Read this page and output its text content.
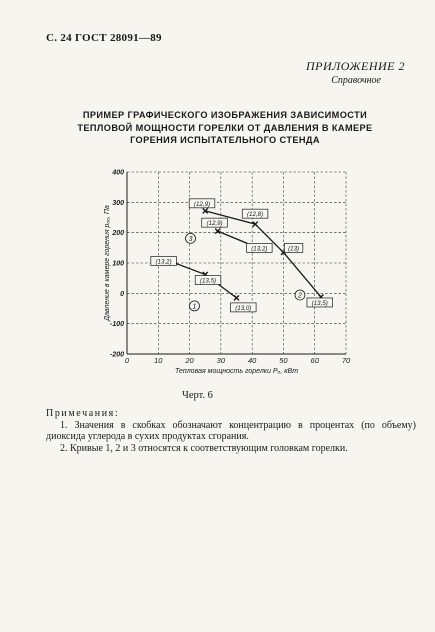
С. 24 ГОСТ 28091—89
ПРИЛОЖЕНИЕ 2
Справочное
ПРИМЕР ГРАФИЧЕСКОГО ИЗОБРАЖЕНИЯ ЗАВИСИМОСТИ
ТЕПЛОВОЙ МОЩНОСТИ ГОРЕЛКИ ОТ ДАВЛЕНИЯ В КАМЕРЕ
ГОРЕНИЯ ИСПЫТАТЕЛЬНОГО СТЕНДА
400
300
200
100
0
-100
-200
0	10	20	30	40	50	60	70
Тепловая мощность горелки Рₒ, кВт
Давление в камере горения рₒₒ, Па	(13,2)
(13,5)
(13,0)
1
(12,9)
(12,8)
(13)
(13,5)
2
(12,9)
(13,2)
3
Черт. 6
Примечания:
1. Значения в скобках обозначают концентрацию в процентах (по объему) диоксида углерода в сухих продуктах сгорания.
2. Кривые 1, 2 и 3 относятся к соответствующим головкам горелки.
